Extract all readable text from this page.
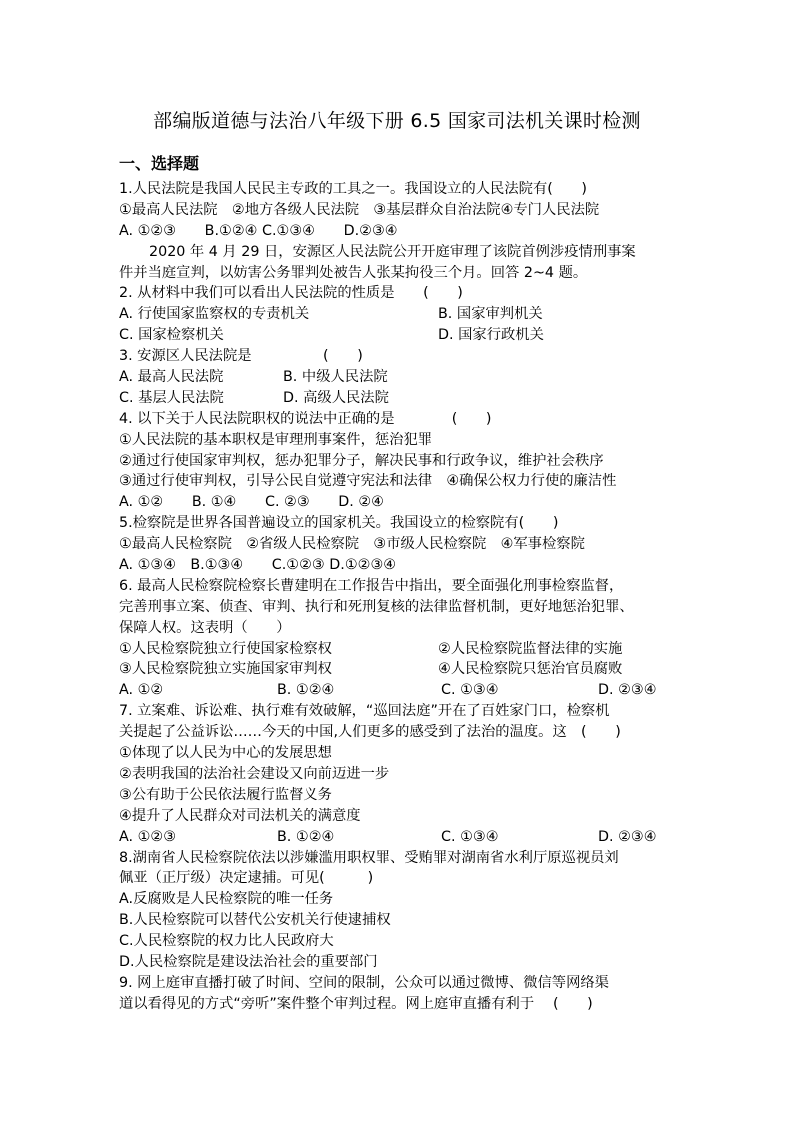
部编版道德与法治八年级下册 6.5 国家司法机关课时检测
一、选择题
1.人民法院是我国人民民主专政的工具之一。我国设立的人民法院有(　　)
①最高人民法院　②地方各级人民法院　③基层群众自治法院④专门人民法院
A. ①②③　　B.①②④ C.①③④　　D.②③④
2020 年 4 月 29 日，安源区人民法院公开开庭审理了该院首例涉疫情刑事案
件并当庭宣判，以妨害公务罪判处被告人张某拘役三个月。回答 2~4 题。
2. 从材料中我们可以看出人民法院的性质是　　(　　)
A. 行使国家监察权的专责机关	B. 国家审判机关
C. 国家检察机关	D. 国家行政机关
3. 安源区人民法院是　　　　　(　　)
A. 最高人民法院	B. 中级人民法院
C. 基层人民法院	D. 高级人民法院
4. 以下关于人民法院职权的说法中正确的是　　　　(　　)
①人民法院的基本职权是审理刑事案件，惩治犯罪
②通过行使国家审判权，惩办犯罪分子，解决民事和行政争议，维护社会秩序
③通过行使审判权，引导公民自觉遵守宪法和法律　④确保公权力行使的廉洁性
A. ①②　　B. ①④　　C. ②③　　D. ②④
5.检察院是世界各国普遍设立的国家机关。我国设立的检察院有(　　)
①最高人民检察院　②省级人民检察院　③市级人民检察院　④军事检察院
A. ①③④　B.①③④　　C.①②③ D.①②③④
6. 最高人民检察院检察长曹建明在工作报告中指出，要全面强化刑事检察监督，
完善刑事立案、侦查、审判、执行和死刑复核的法律监督机制，更好地惩治犯罪、
保障人权。这表明（　　）
①人民检察院独立行使国家检察权	②人民检察院监督法律的实施
③人民检察院独立实施国家审判权	④人民检察院只惩治官员腐败
A. ①②	B. ①②④	C. ①③④	D. ②③④
7. 立案难、诉讼难、执行难有效破解，“巡回法庭”开在了百姓家门口，检察机
关提起了公益诉讼……今天的中国,人们更多的感受到了法治的温度。这　(　　)
①体现了以人民为中心的发展思想
②表明我国的法治社会建设又向前迈进一步
③公有助于公民依法履行监督义务
④提升了人民群众对司法机关的满意度
A. ①②③	B. ①②④	C. ①③④	D. ②③④
8.湖南省人民检察院依法以涉嫌滥用职权罪、受贿罪对湖南省水利厅原巡视员刘
佩亚（正厅级）决定逮捕。可见(　　　)
A.反腐败是人民检察院的唯一任务
B.人民检察院可以替代公安机关行使逮捕权
C.人民检察院的权力比人民政府大
D.人民检察院是建设法治社会的重要部门
9. 网上庭审直播打破了时间、空间的限制，公众可以通过微博、微信等网络渠
道以看得见的方式“旁听”案件整个审判过程。网上庭审直播有利于　 (　　)
